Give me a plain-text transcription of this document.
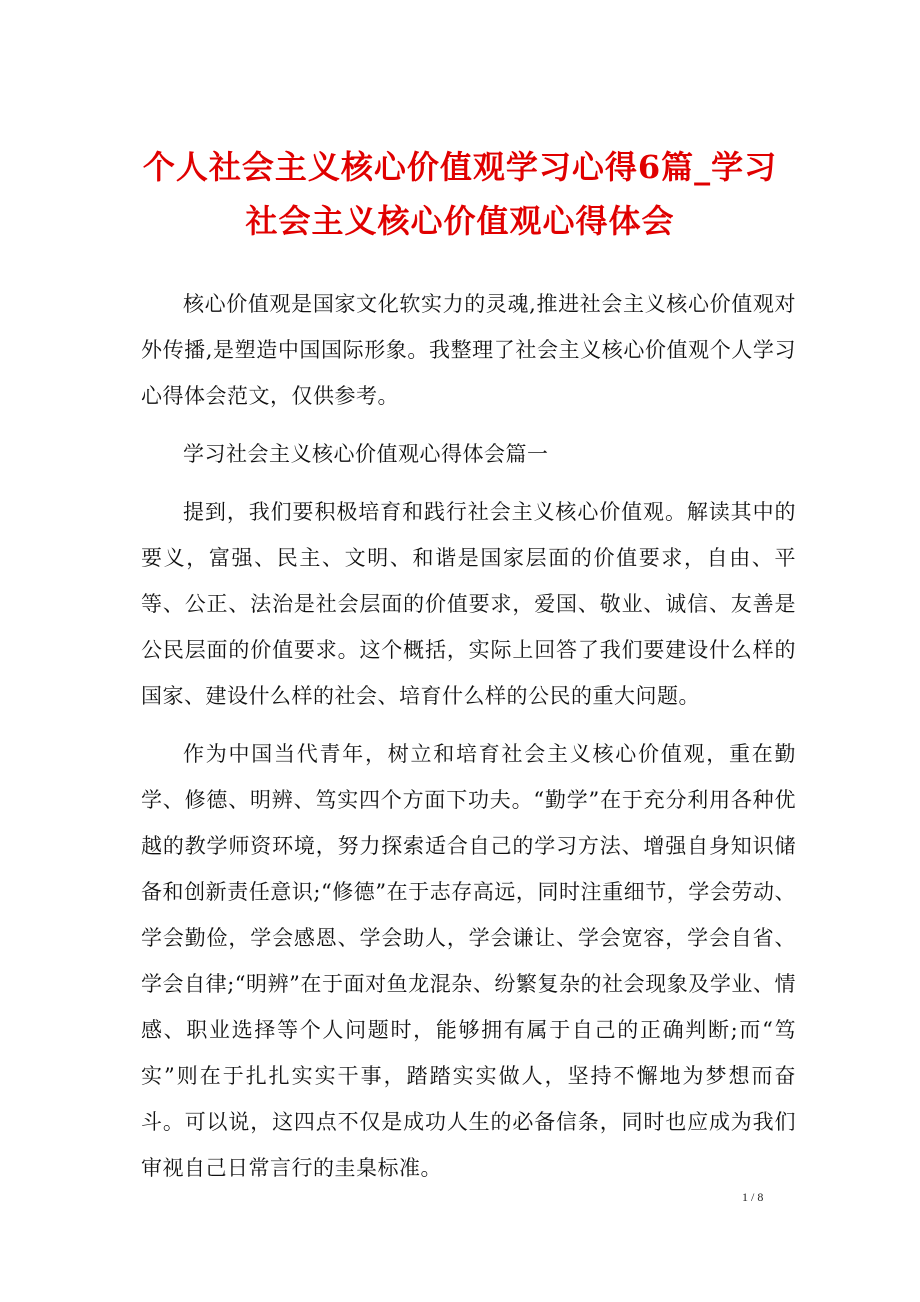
个人社会主义核心价值观学习心得6篇_学习社会主义核心价值观心得体会

核心价值观是国家文化软实力的灵魂,推进社会主义核心价值观对外传播,是塑造中国国际形象。我整理了社会主义核心价值观个人学习心得体会范文，仅供参考。

学习社会主义核心价值观心得体会篇一

提到，我们要积极培育和践行社会主义核心价值观。解读其中的要义，富强、民主、文明、和谐是国家层面的价值要求，自由、平等、公正、法治是社会层面的价值要求，爱国、敬业、诚信、友善是公民层面的价值要求。这个概括，实际上回答了我们要建设什么样的国家、建设什么样的社会、培育什么样的公民的重大问题。

作为中国当代青年，树立和培育社会主义核心价值观，重在勤学、修德、明辨、笃实四个方面下功夫。“勤学”在于充分利用各种优越的教学师资环境，努力探索适合自己的学习方法、增强自身知识储备和创新责任意识;“修德”在于志存高远，同时注重细节，学会劳动、学会勤俭，学会感恩、学会助人，学会谦让、学会宽容，学会自省、学会自律;“明辨”在于面对鱼龙混杂、纷繁复杂的社会现象及学业、情感、职业选择等个人问题时，能够拥有属于自己的正确判断;而“笃实”则在于扎扎实实干事，踏踏实实做人，坚持不懈地为梦想而奋斗。可以说，这四点不仅是成功人生的必备信条，同时也应成为我们审视自己日常言行的圭臬标准。

1 / 8
